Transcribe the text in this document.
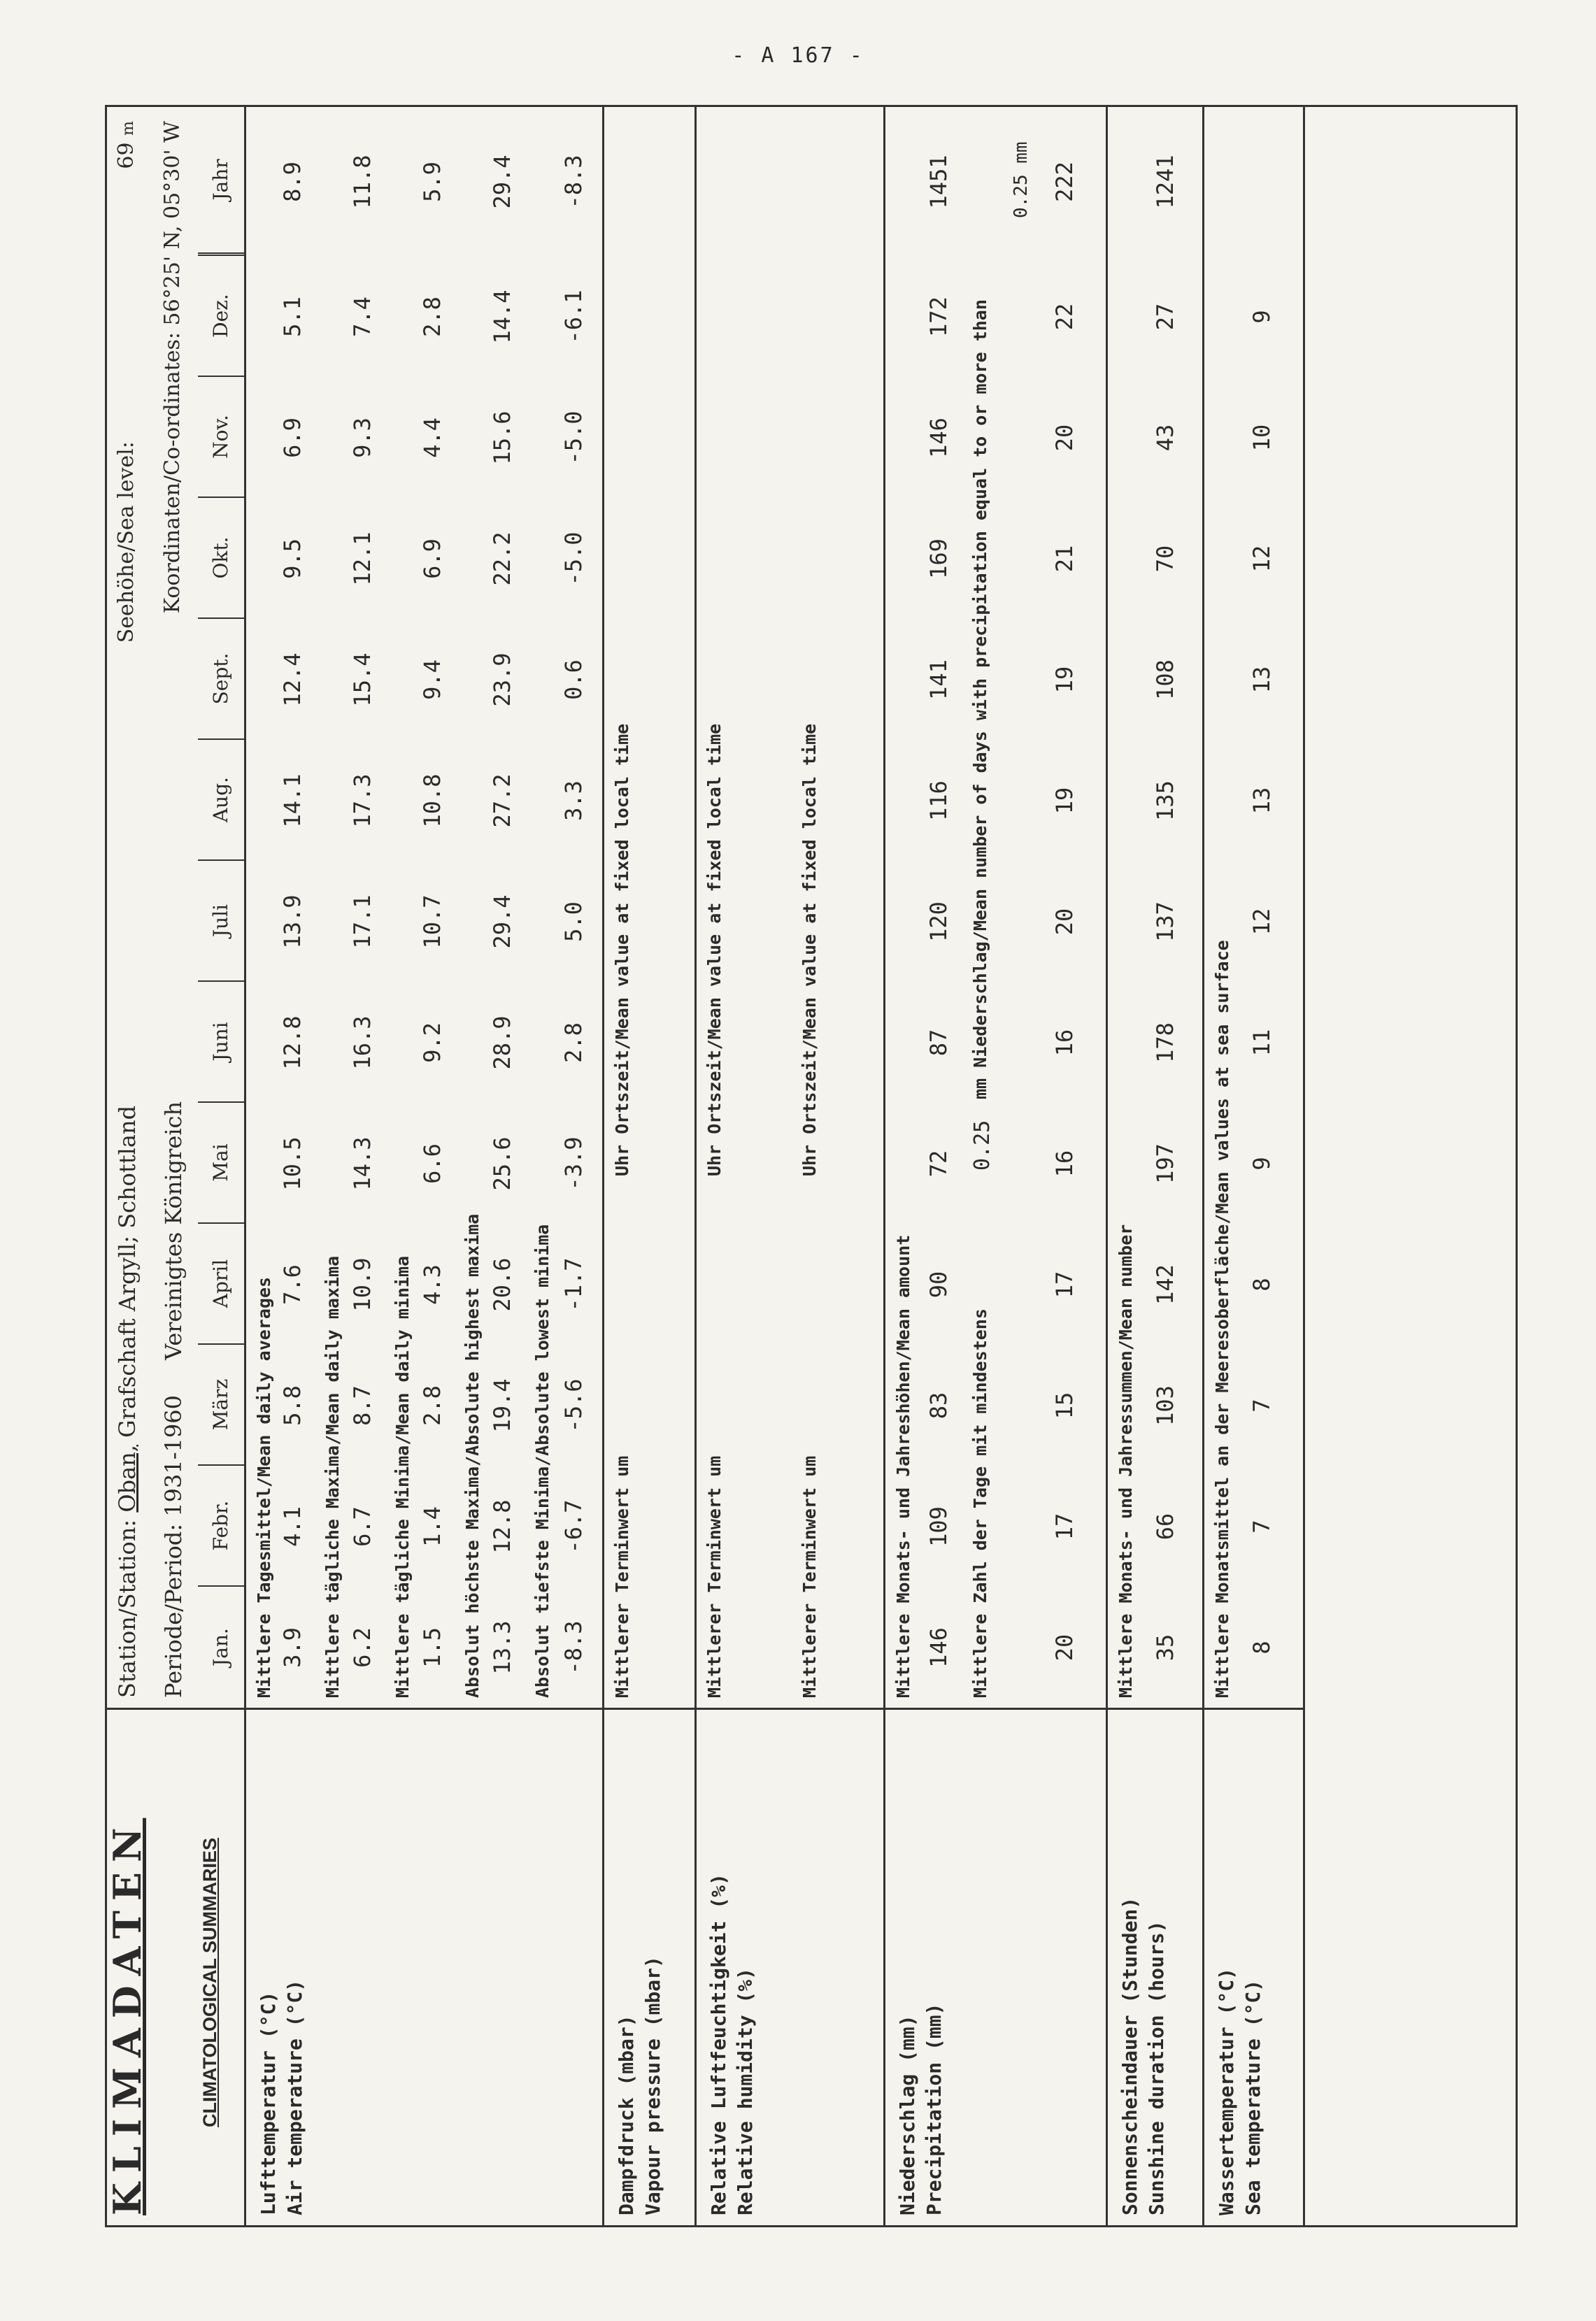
- A 167 -
KLIMADATEN	CLIMATOLOGICAL SUMMARIES
Station/Station: Oban, Grafschaft Argyll; Schottland
Periode/Period: 1931-1960 Vereinigtes Königreich
Seehöhe/Sea level: 69 m
Koordinaten/Co-ordinates: 56°25' N, 05°30' W
Jan.
Febr.
März
April
Mai
Juni
Juli
Aug.
Sept.
Okt.
Nov.
Dez.
Jahr
Lufttemperatur (°C) Air temperature (°C)
Mittlere Tagesmittel/Mean daily averages 3.9
4.1
5.8
7.6
10.5
12.8
13.9
14.1
12.4
9.5
6.9
5.1
8.9
Mittlere tägliche Maxima/Mean daily maxima 6.2
6.7
8.7
10.9
14.3
16.3
17.1
17.3
15.4
12.1
9.3
7.4
11.8
Mittlere tägliche Minima/Mean daily minima 1.5
1.4
2.8
4.3
6.6
9.2
10.7
10.8
9.4
6.9
4.4
2.8
5.9
Absolut höchste Maxima/Absolute highest maxima 13.3
12.8
19.4
20.6
25.6
28.9
29.4
27.2
23.9
22.2
15.6
14.4
29.4
Absolut tiefste Minima/Absolute lowest minima -8.3
-6.7
-5.6
-1.7
-3.9
2.8
5.0
3.3
0.6
-5.0
-5.0
-6.1
-8.3
Dampfdruck (mbar) Vapour pressure (mbar)
Mittlerer Terminwert um
Uhr Ortszeit/Mean value at fixed local time
Relative Luftfeuchtigkeit (%) Relative humidity (%)
Mittlerer Terminwert um
Uhr Ortszeit/Mean value at fixed local time
Mittlerer Terminwert um
Uhr Ortszeit/Mean value at fixed local time
Niederschlag (mm) Precipitation (mm)
Mittlere Monats- und Jahreshöhen/Mean amount 146
109
83
90
72
87
120
116
141
169
146
172
1451
Mittlere Zahl der Tage mit mindestens
0.25
mm Niederschlag/Mean number of days with precipitation equal to or more than
0.25 mm
20
17
15
17
16
16
20
19
19
21
20
22
222
Sonnenscheindauer (Stunden) Sunshine duration (hours)
Mittlere Monats- und Jahressummen/Mean number 35
66
103
142
197
178
137
135
108
70
43
27
1241
Wassertemperatur (°C) Sea temperature (°C)
Mittlere Monatsmittel an der Meeresoberfläche/Mean values at sea surface 8
7
7
8
9
11
12
13
13
12
10
9
